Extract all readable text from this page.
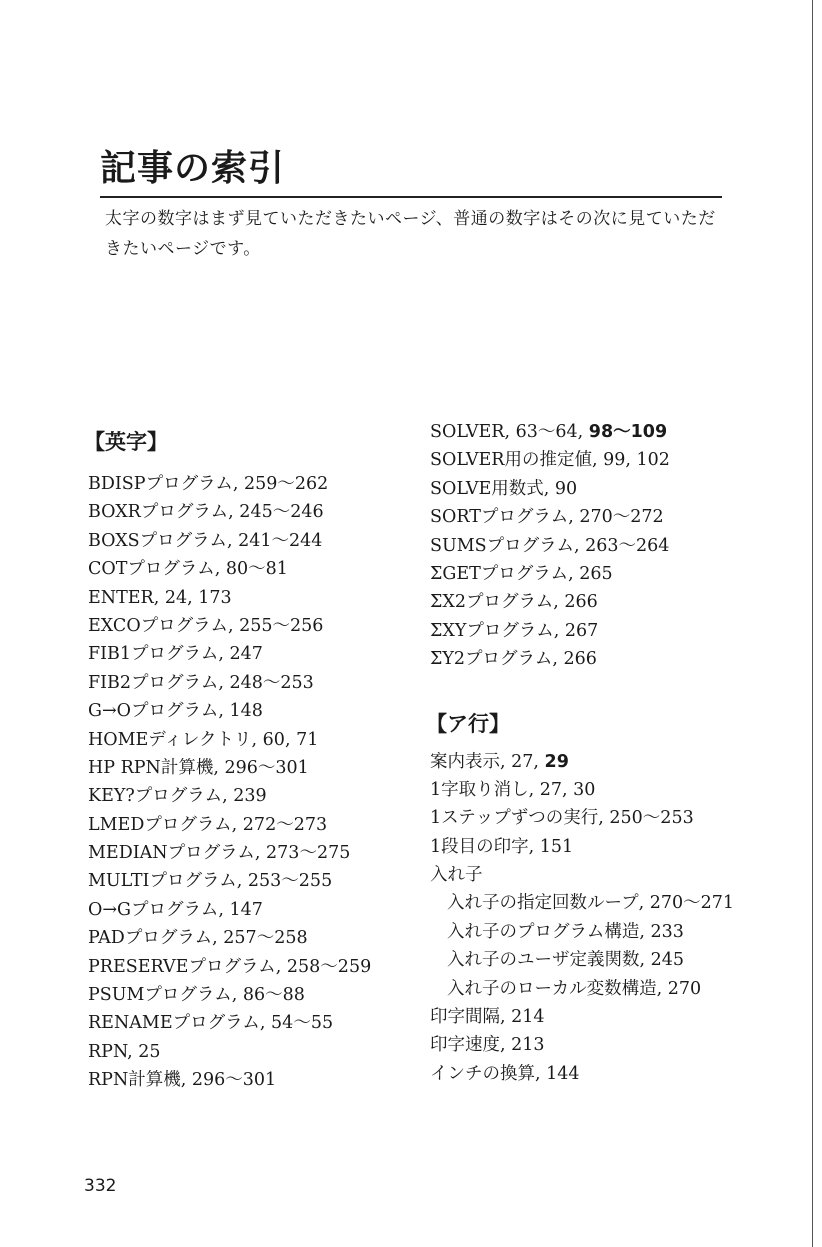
記事の索引
太字の数字はまず見ていただきたいページ、普通の数字はその次に見ていただきたいページです。
【英字】
BDISPプログラム, 259～262
BOXRプログラム, 245～246
BOXSプログラム, 241～244
COTプログラム, 80～81
ENTER, 24, 173
EXCOプログラム, 255～256
FIB1プログラム, 247
FIB2プログラム, 248～253
G→Oプログラム, 148
HOMEディレクトリ, 60, 71
HP RPN計算機, 296～301
KEY?プログラム, 239
LMEDプログラム, 272～273
MEDIANプログラム, 273～275
MULTIプログラム, 253～255
O→Gプログラム, 147
PADプログラム, 257～258
PRESERVEプログラム, 258～259
PSUMプログラム, 86～88
RENAMEプログラム, 54～55
RPN, 25
RPN計算機, 296～301
SOLVER, 63～64, 98～109
SOLVER用の推定値, 99, 102
SOLVE用数式, 90
SORTプログラム, 270～272
SUMSプログラム, 263～264
ΣGETプログラム, 265
ΣX2プログラム, 266
ΣXYプログラム, 267
ΣY2プログラム, 266
【ア行】
案内表示, 27, 29
1字取り消し, 27, 30
1ステップずつの実行, 250～253
1段目の印字, 151
入れ子
入れ子の指定回数ループ, 270～271
入れ子のプログラム構造, 233
入れ子のユーザ定義関数, 245
入れ子のローカル変数構造, 270
印字間隔, 214
印字速度, 213
インチの換算, 144
332
